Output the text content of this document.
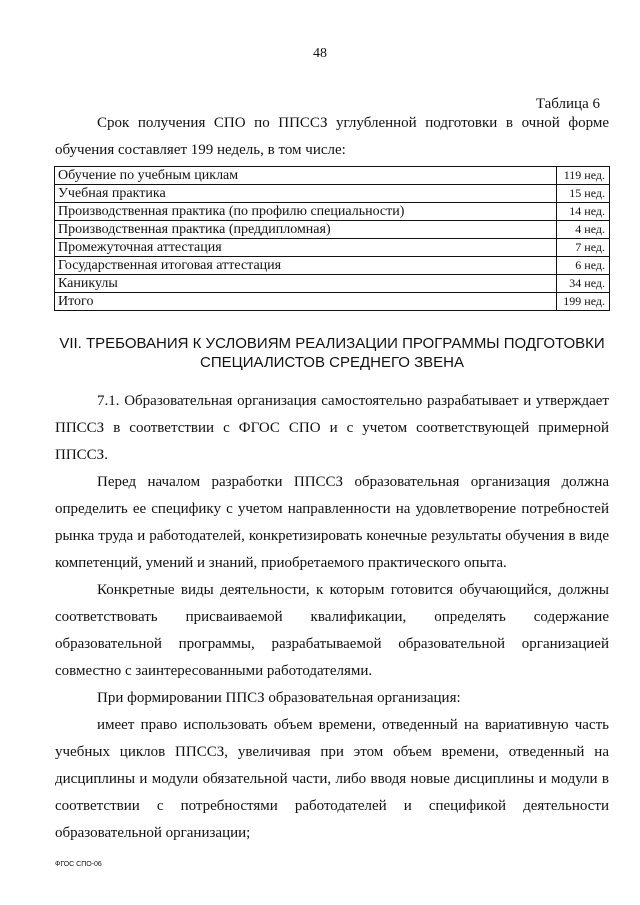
48
Таблица 6
Срок получения СПО по ППССЗ углубленной подготовки в очной форме обучения составляет 199 недель, в том числе:
Обучение по учебным циклам	119 нед.
Учебная практика	15 нед.
Производственная практика (по профилю специальности)	14 нед.
Производственная практика (преддипломная)	4 нед.
Промежуточная аттестация	7 нед.
Государственная итоговая аттестация	6 нед.
Каникулы	34 нед.
Итого	199 нед.
VII. ТРЕБОВАНИЯ К УСЛОВИЯМ РЕАЛИЗАЦИИ ПРОГРАММЫ ПОДГОТОВКИ
СПЕЦИАЛИСТОВ СРЕДНЕГО ЗВЕНА

7.1. Образовательная организация самостоятельно разрабатывает и утверждает ППССЗ в соответствии с ФГОС СПО и с учетом соответствующей примерной ППССЗ.

Перед началом разработки ППССЗ образовательная организация должна определить ее специфику с учетом направленности на удовлетворение потребностей рынка труда и работодателей, конкретизировать конечные результаты обучения в виде компетенций, умений и знаний, приобретаемого практического опыта.

Конкретные виды деятельности, к которым готовится обучающийся, должны соответствовать присваиваемой квалификации, определять содержание образовательной программы, разрабатываемой образовательной организацией совместно с заинтересованными работодателями.

При формировании ППСЗ образовательная организация:

имеет право использовать объем времени, отведенный на вариативную часть учебных циклов ППССЗ, увеличивая при этом объем времени, отведенный на дисциплины и модули обязательной части, либо вводя новые дисциплины и модули в соответствии с потребностями работодателей и спецификой деятельности образовательной организации;

ФГОС СПО-06
